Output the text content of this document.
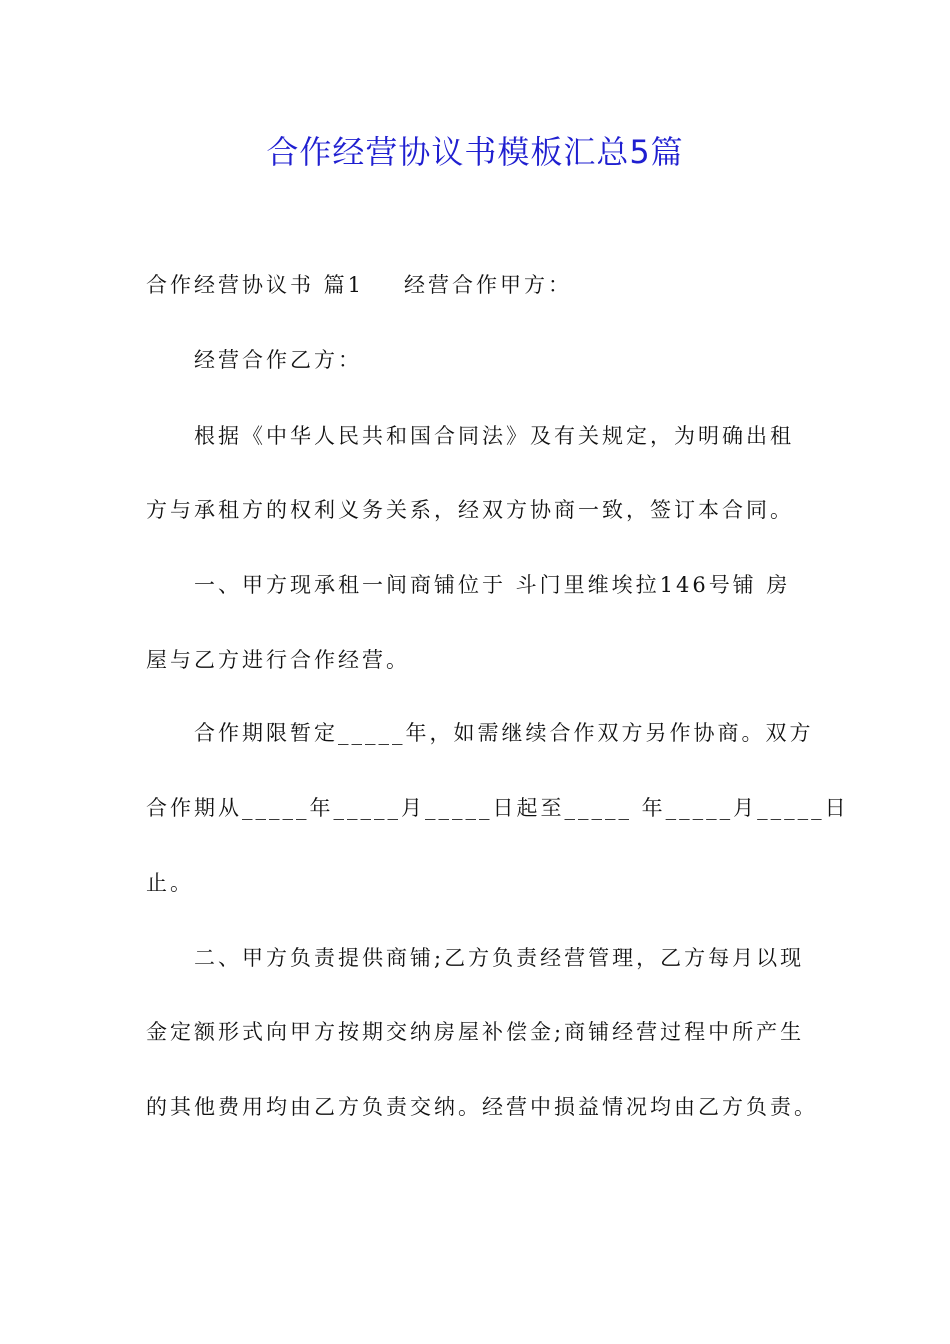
合作经营协议书模板汇总5篇
合作经营协议书 篇1 经营合作甲方：
经营合作乙方：
根据《中华人民共和国合同法》及有关规定，为明确出租
方与承租方的权利义务关系，经双方协商一致，签订本合同。
一、甲方现承租一间商铺位于 斗门里维埃拉146号铺 房
屋与乙方进行合作经营。
合作期限暂定_____年，如需继续合作双方另作协商。双方
合作期从_____年_____月_____日起至_____ 年_____月_____日
止。
二、甲方负责提供商铺;乙方负责经营管理，乙方每月以现
金定额形式向甲方按期交纳房屋补偿金;商铺经营过程中所产生
的其他费用均由乙方负责交纳。经营中损益情况均由乙方负责。
